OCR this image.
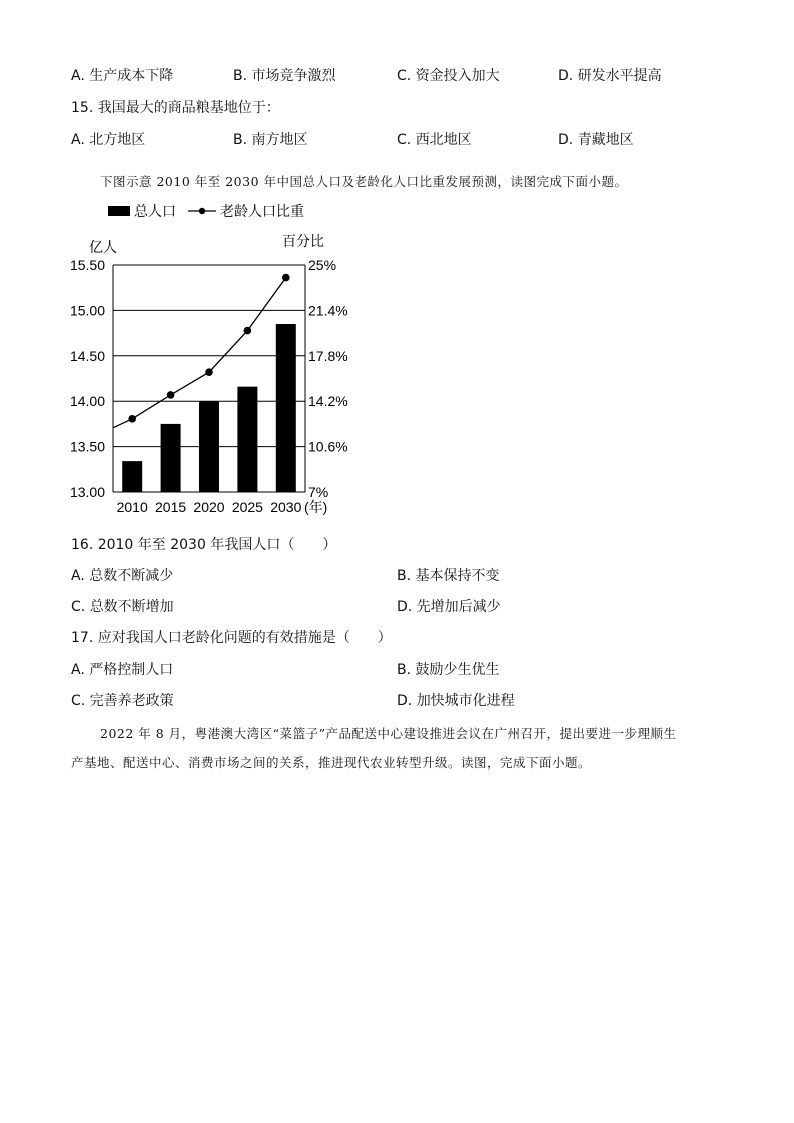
A. 生产成本下降	B. 市场竞争激烈	C. 资金投入加大	D. 研发水平提高
15. 我国最大的商品粮基地位于：
A. 北方地区	B. 南方地区	C. 西北地区	D. 青藏地区
下图示意 2010 年至 2030 年中国总人口及老龄化人口比重发展预测，读图完成下面小题。
总人口	老龄人口比重
亿人	百分比
13.00
13.50
14.00
14.50
15.00
15.50
7%
10.6%
14.2%
17.8%
21.4%
25%
2010 2015 2020 2025 2030 (年)
16. 2010 年至 2030 年我国人口（　　）
A. 总数不断减少	B. 基本保持不变
C. 总数不断增加	D. 先增加后减少
17. 应对我国人口老龄化问题的有效措施是（　　）
A. 严格控制人口	B. 鼓励少生优生
C. 完善养老政策	D. 加快城市化进程
2022 年 8 月，粤港澳大湾区“菜篮子”产品配送中心建设推进会议在广州召开，提出要进一步理顺生
产基地、配送中心、消费市场之间的关系，推进现代农业转型升级。读图，完成下面小题。
